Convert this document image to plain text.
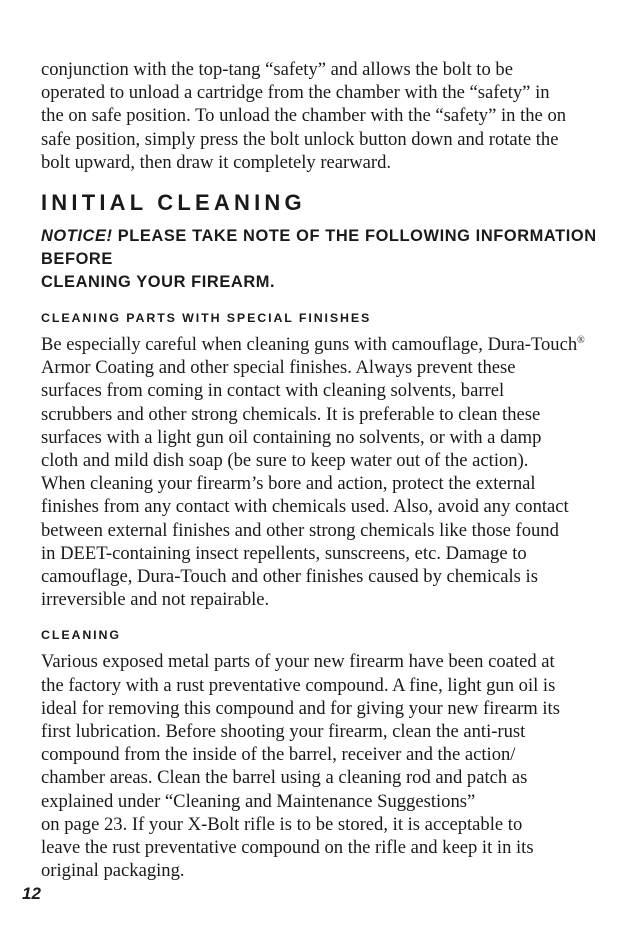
conjunction with the top-tang “safety” and allows the bolt to be
operated to unload a cartridge from the chamber with the “safety” in
the on safe position. To unload the chamber with the “safety” in the on
safe position, simply press the bolt unlock button down and rotate the
bolt upward, then draw it completely rearward.
INITIAL CLEANING
NOTICE! PLEASE TAKE NOTE OF THE FOLLOWING INFORMATION BEFORE
CLEANING YOUR FIREARM.
CLEANING PARTS WITH SPECIAL FINISHES
Be especially careful when cleaning guns with camouflage, Dura-Touch®
Armor Coating and other special finishes. Always prevent these
surfaces from coming in contact with cleaning solvents, barrel
scrubbers and other strong chemicals. It is preferable to clean these
surfaces with a light gun oil containing no solvents, or with a damp
cloth and mild dish soap (be sure to keep water out of the action).
When cleaning your firearm’s bore and action, protect the external
finishes from any contact with chemicals used. Also, avoid any contact
between external finishes and other strong chemicals like those found
in DEET-containing insect repellents, sunscreens, etc. Damage to
camouflage, Dura-Touch and other finishes caused by chemicals is
irreversible and not repairable.
CLEANING
Various exposed metal parts of your new firearm have been coated at
the factory with a rust preventative compound. A fine, light gun oil is
ideal for removing this compound and for giving your new firearm its
first lubrication. Before shooting your firearm, clean the anti-rust
compound from the inside of the barrel, receiver and the action/
chamber areas. Clean the barrel using a cleaning rod and patch as
explained under “Cleaning and Maintenance Suggestions”
on page 23. If your X-Bolt rifle is to be stored, it is acceptable to
leave the rust preventative compound on the rifle and keep it in its
original packaging.
12
